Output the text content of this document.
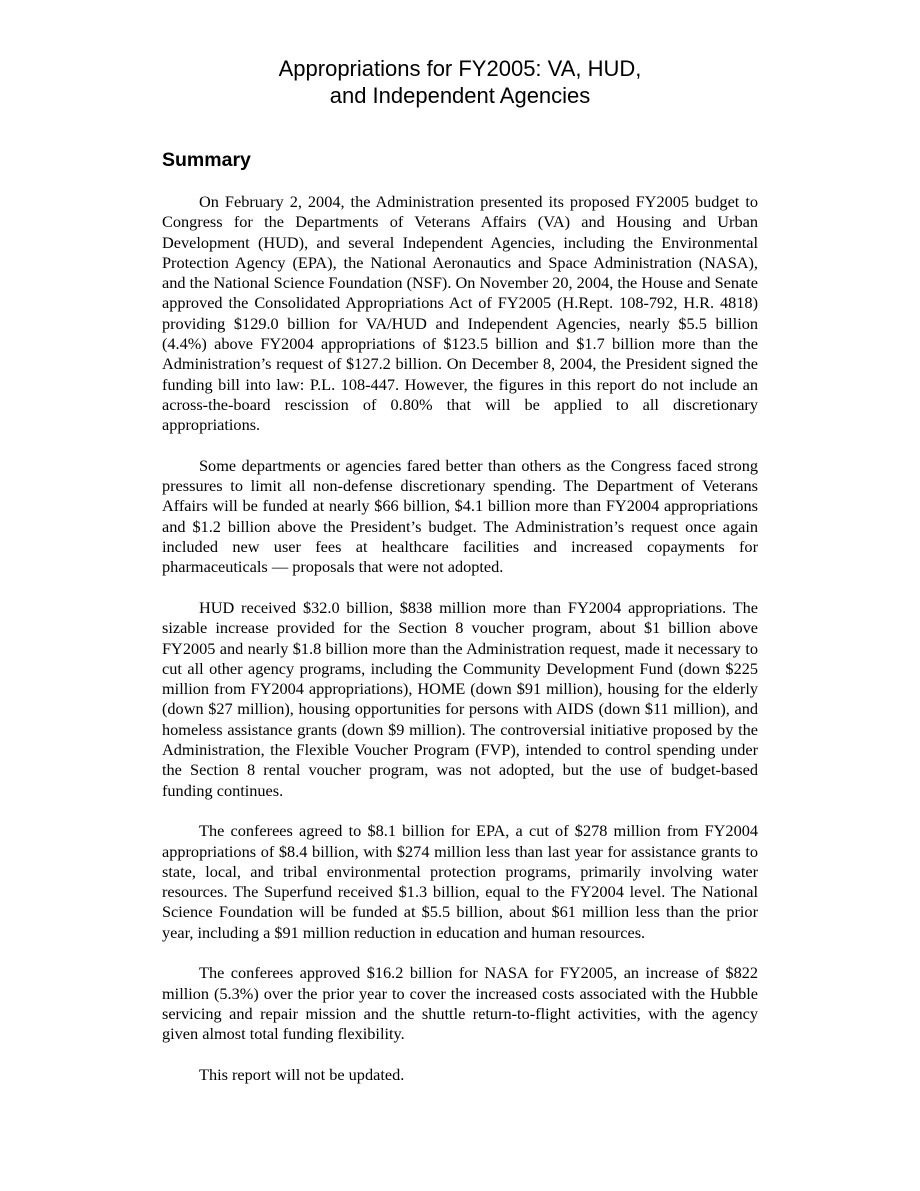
Appropriations for FY2005: VA, HUD,
and Independent Agencies
Summary

On February 2, 2004, the Administration presented its proposed FY2005 budget to Congress for the Departments of Veterans Affairs (VA) and Housing and Urban Development (HUD), and several Independent Agencies, including the Environmental Protection Agency (EPA), the National Aeronautics and Space Administration (NASA), and the National Science Foundation (NSF). On November 20, 2004, the House and Senate approved the Consolidated Appropriations Act of FY2005 (H.Rept. 108-792, H.R. 4818) providing $129.0 billion for VA/HUD and Independent Agencies, nearly $5.5 billion (4.4%) above FY2004 appropriations of $123.5 billion and $1.7 billion more than the Administration’s request of $127.2 billion. On December 8, 2004, the President signed the funding bill into law: P.L. 108-447. However, the figures in this report do not include an across-the-board rescission of 0.80% that will be applied to all discretionary appropriations.

Some departments or agencies fared better than others as the Congress faced strong pressures to limit all non-defense discretionary spending. The Department of Veterans Affairs will be funded at nearly $66 billion, $4.1 billion more than FY2004 appropriations and $1.2 billion above the President’s budget. The Administration’s request once again included new user fees at healthcare facilities and increased copayments for pharmaceuticals — proposals that were not adopted.

HUD received $32.0 billion, $838 million more than FY2004 appropriations. The sizable increase provided for the Section 8 voucher program, about $1 billion above FY2005 and nearly $1.8 billion more than the Administration request, made it necessary to cut all other agency programs, including the Community Development Fund (down $225 million from FY2004 appropriations), HOME (down $91 million), housing for the elderly (down $27 million), housing opportunities for persons with AIDS (down $11 million), and homeless assistance grants (down $9 million). The controversial initiative proposed by the Administration, the Flexible Voucher Program (FVP), intended to control spending under the Section 8 rental voucher program, was not adopted, but the use of budget-based funding continues.

The conferees agreed to $8.1 billion for EPA, a cut of $278 million from FY2004 appropriations of $8.4 billion, with $274 million less than last year for assistance grants to state, local, and tribal environmental protection programs, primarily involving water resources. The Superfund received $1.3 billion, equal to the FY2004 level. The National Science Foundation will be funded at $5.5 billion, about $61 million less than the prior year, including a $91 million reduction in education and human resources.

The conferees approved $16.2 billion for NASA for FY2005, an increase of $822 million (5.3%) over the prior year to cover the increased costs associated with the Hubble servicing and repair mission and the shuttle return-to-flight activities, with the agency given almost total funding flexibility.

This report will not be updated.
